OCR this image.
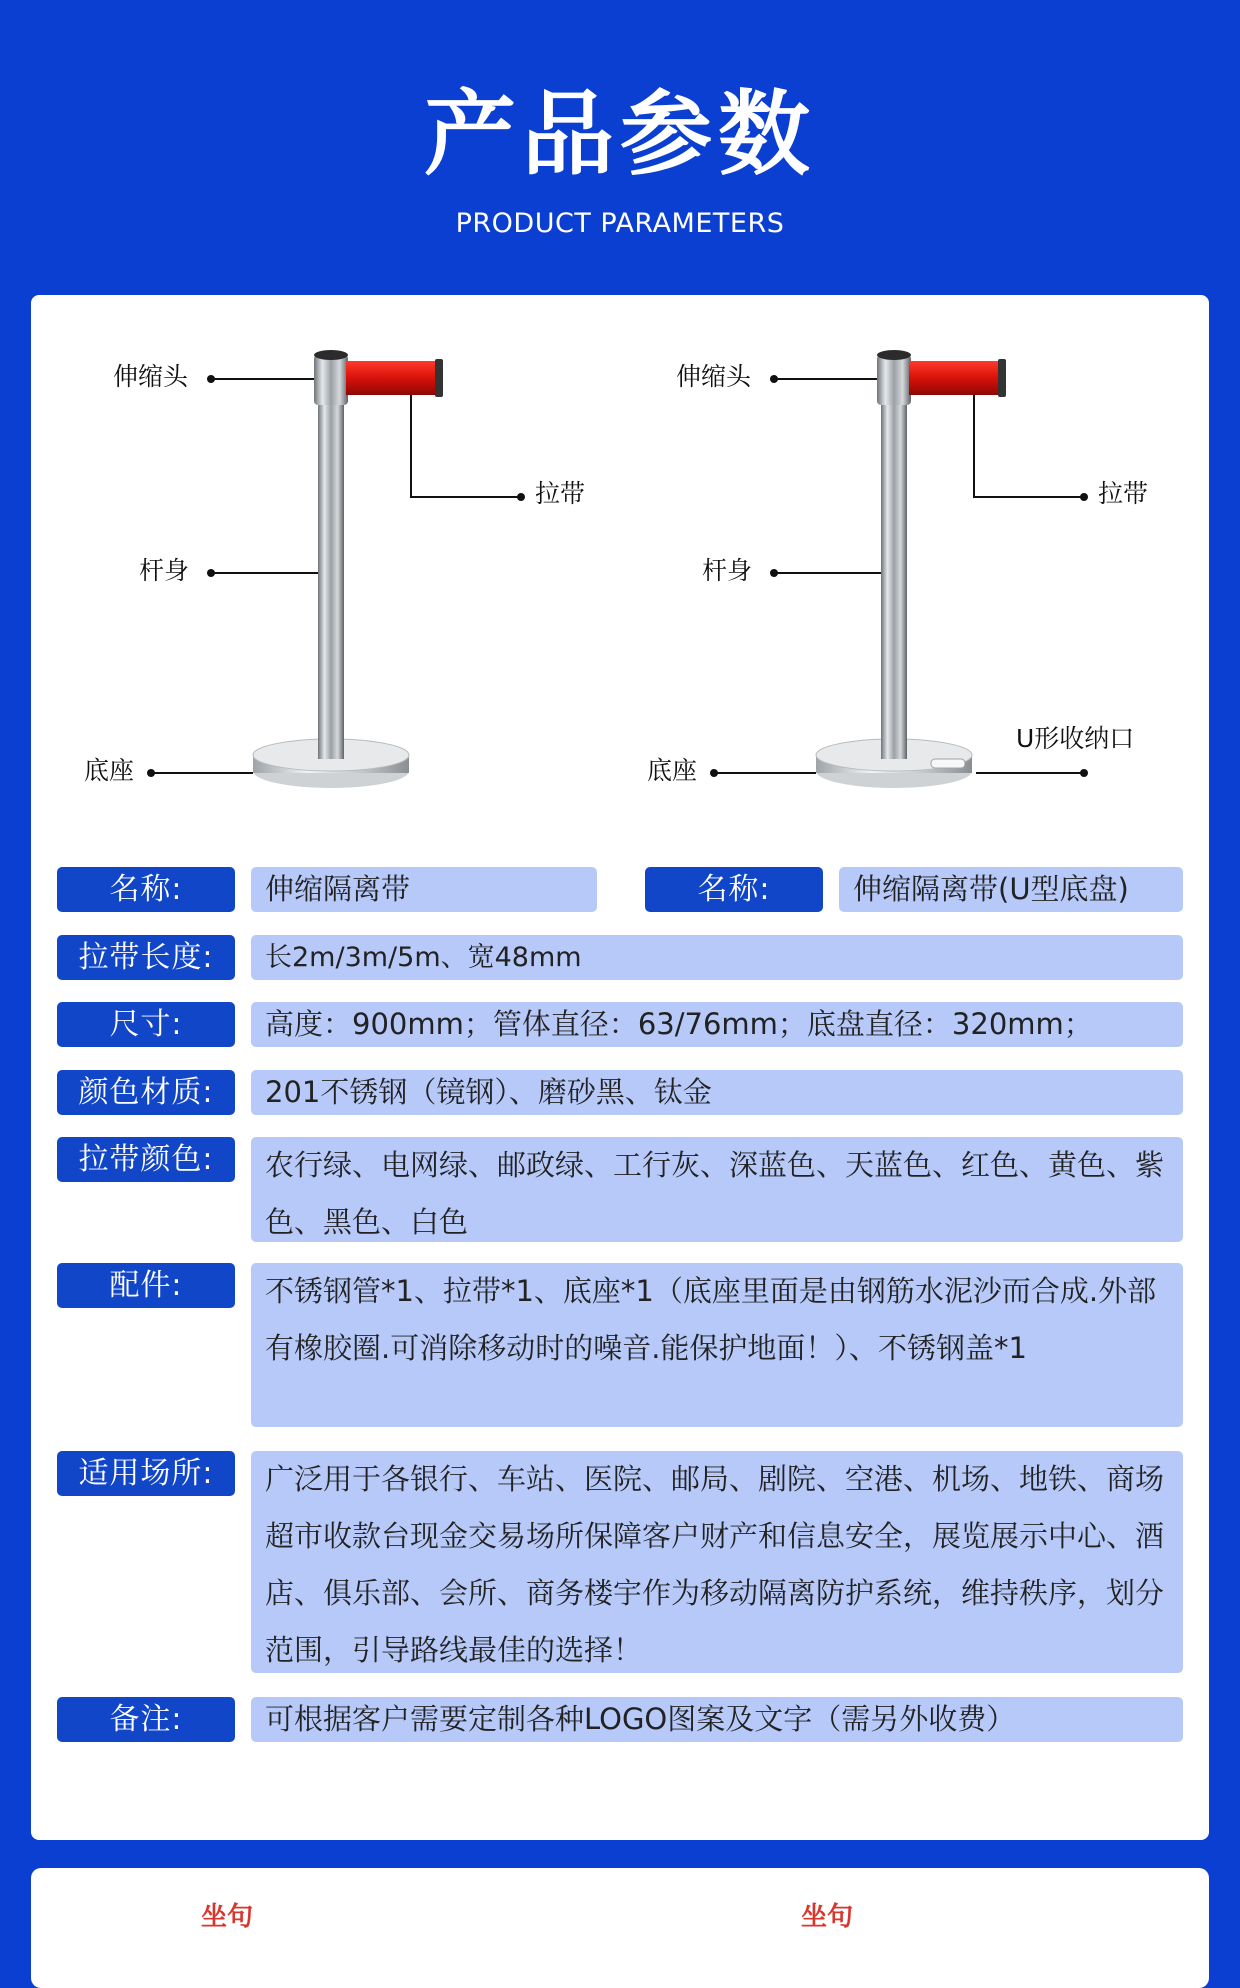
产品参数
PRODUCT PARAMETERS
伸缩头
拉带
杆身
底座
伸缩头
拉带
杆身
底座
U形收纳口
名称:	伸缩隔离带	名称:	伸缩隔离带(U型底盘)
拉带长度:	长2m/3m/5m、宽48mm
尺寸:	高度：900mm；管体直径：63/76mm；底盘直径：320mm；
颜色材质:	201不锈钢（镜钢）、磨砂黑、钛金
拉带颜色:	农行绿、电网绿、邮政绿、工行灰、深蓝色、天蓝色、红色、黄色、紫色、黑色、白色
配件:	不锈钢管*1、拉带*1、底座*1（底座里面是由钢筋水泥沙而合成.外部有橡胶圈.可消除移动时的噪音.能保护地面！）、不锈钢盖*1
适用场所:	广泛用于各银行、车站、医院、邮局、剧院、空港、机场、地铁、商场超市收款台现金交易场所保障客户财产和信息安全，展览展示中心、酒店、俱乐部、会所、商务楼宇作为移动隔离防护系统，维持秩序，划分范围，引导路线最佳的选择！
备注:	可根据客户需要定制各种LOGO图案及文字（需另外收费）
坐句	坐句
